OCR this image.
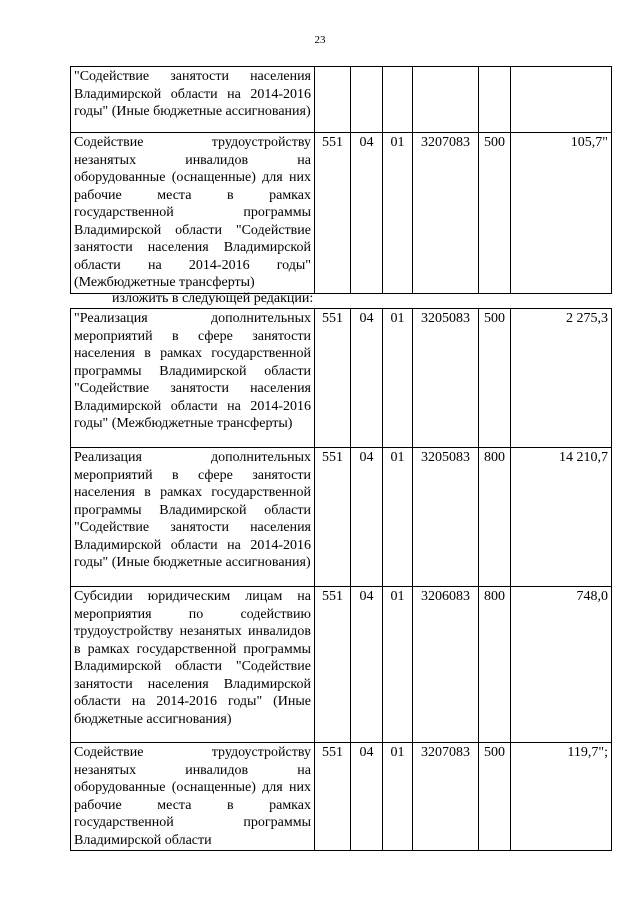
23
"Содействие занятости населения Владимирской области на 2014-2016 годы" (Иные бюджетные ассигнования)						
Содействие трудоустройству незанятых инвалидов на оборудованные (оснащенные) для них рабочие места в рамках государственной программы Владимирской области "Содействие занятости населения Владимирской области на 2014-2016 годы" (Межбюджетные трансферты)	551	04	01	3207083	500	105,7"
изложить в следующей редакции:
"Реализация дополнительных мероприятий в сфере занятости населения в рамках государственной программы Владимирской области "Содействие занятости населения Владимирской области на 2014-2016 годы" (Межбюджетные трансферты)	551	04	01	3205083	500	2 275,3
Реализация дополнительных мероприятий в сфере занятости населения в рамках государственной программы Владимирской области "Содействие занятости населения Владимирской области на 2014-2016 годы" (Иные бюджетные ассигнования)	551	04	01	3205083	800	14 210,7
Субсидии юридическим лицам на мероприятия по содействию трудоустройству незанятых инвалидов в рамках государственной программы Владимирской области "Содействие занятости населения Владимирской области на 2014-2016 годы" (Иные бюджетные ассигнования)	551	04	01	3206083	800	748,0
Содействие трудоустройству незанятых инвалидов на оборудованные (оснащенные) для них рабочие места в рамках государственной программы Владимирской области	551	04	01	3207083	500	119,7";
